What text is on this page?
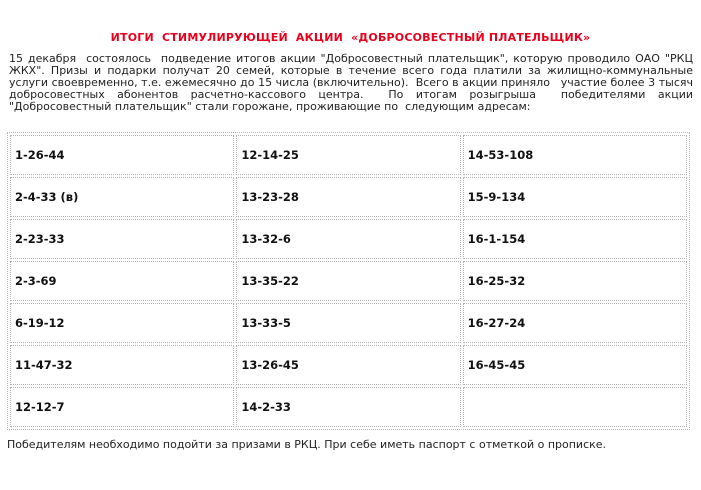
ИТОГИ  СТИМУЛИРУЮЩЕЙ  АКЦИИ  «ДОБРОСОВЕСТНЫЙ ПЛАТЕЛЬЩИК»
15 декабря  состоялось  подведение итогов акции "Добросовестный плательщик", которую проводило ОАО "РКЦ ЖКХ". Призы и подарки получат 20 семей, которые в течение всего года платили за жилищно-коммунальные услуги своевременно, т.е. ежемесячно до 15 числа (включительно).  Всего в акции приняло   участие более 3 тысяч добросовестных абонентов расчетно-кассового центра.  По итогам розыгрыша  победителями акции "Добросовестный плательщик" стали горожане, проживающие по  следующим адресам:
1-26-44	12-14-25	14-53-108
2-4-33 (в)	13-23-28	15-9-134
2-23-33	13-32-6	16-1-154
2-3-69	13-35-22	16-25-32
6-19-12	13-33-5	16-27-24
11-47-32	13-26-45	16-45-45
12-12-7	14-2-33	
Победителям необходимо подойти за призами в РКЦ. При себе иметь паспорт с отметкой о прописке.
